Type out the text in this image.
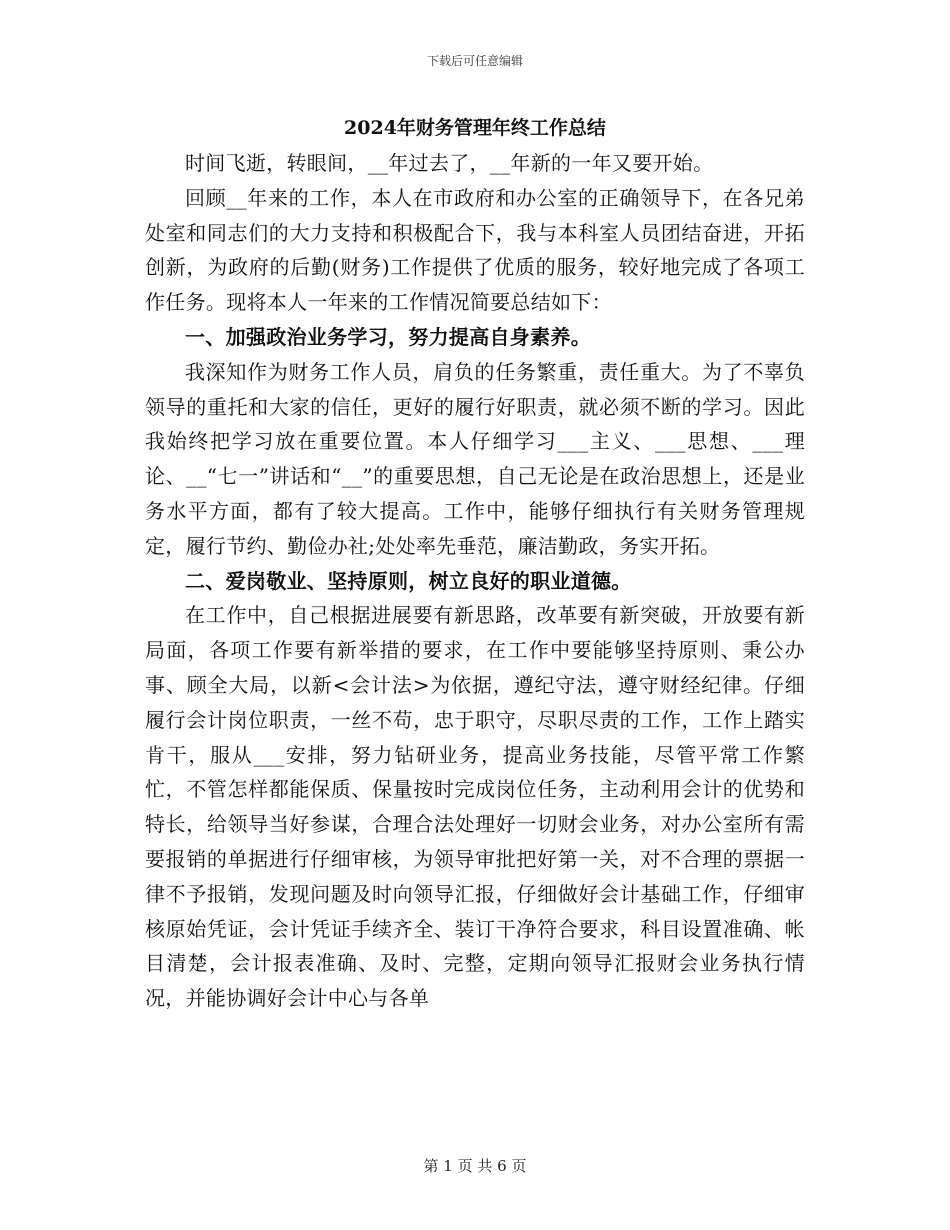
下载后可任意编辑
2024年财务管理年终工作总结

时间飞逝，转眼间，__年过去了，__年新的一年又要开始。

回顾__年来的工作，本人在市政府和办公室的正确领导下，在各兄弟处室和同志们的大力支持和积极配合下，我与本科室人员团结奋进，开拓创新，为政府的后勤(财务)工作提供了优质的服务，较好地完成了各项工作任务。现将本人一年来的工作情况简要总结如下：

一、加强政治业务学习，努力提高自身素养。

我深知作为财务工作人员，肩负的任务繁重，责任重大。为了不辜负领导的重托和大家的信任，更好的履行好职责，就必须不断的学习。因此我始终把学习放在重要位置。本人仔细学习___主义、___思想、___理论、__“七一”讲话和“__”的重要思想，自己无论是在政治思想上，还是业务水平方面，都有了较大提高。工作中，能够仔细执行有关财务管理规定，履行节约、勤俭办社;处处率先垂范，廉洁勤政，务实开拓。

二、爱岗敬业、坚持原则，树立良好的职业道德。

在工作中，自己根据进展要有新思路，改革要有新突破，开放要有新局面，各项工作要有新举措的要求，在工作中要能够坚持原则、秉公办事、顾全大局，以新<会计法>为依据，遵纪守法，遵守财经纪律。仔细履行会计岗位职责，一丝不苟，忠于职守，尽职尽责的工作，工作上踏实肯干，服从___安排，努力钻研业务，提高业务技能，尽管平常工作繁忙，不管怎样都能保质、保量按时完成岗位任务，主动利用会计的优势和特长，给领导当好参谋，合理合法处理好一切财会业务，对办公室所有需要报销的单据进行仔细审核，为领导审批把好第一关，对不合理的票据一律不予报销，发现问题及时向领导汇报，仔细做好会计基础工作，仔细审核原始凭证，会计凭证手续齐全、装订干净符合要求，科目设置准确、帐目清楚，会计报表准确、及时、完整，定期向领导汇报财会业务执行情况，并能协调好会计中心与各单

第 1 页 共 6 页
